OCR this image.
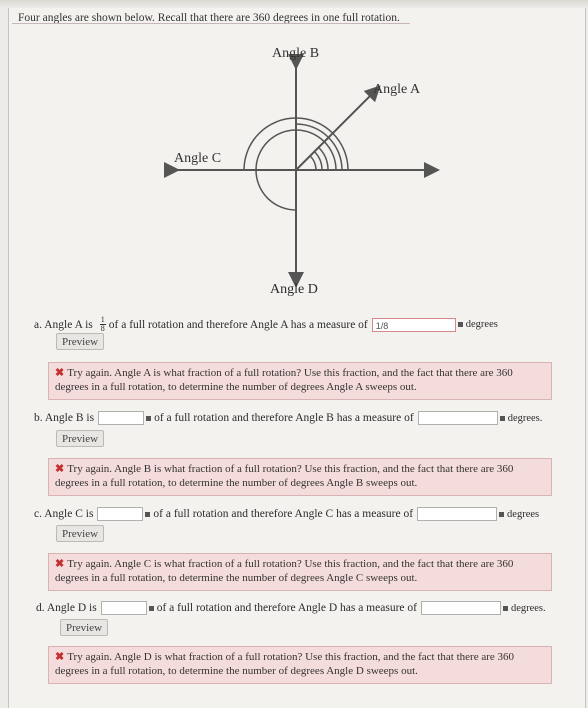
Four angles are shown below. Recall that there are 360 degrees in one full rotation.
Angle B
Angle A
Angle C
Angle D
a. Angle A is $\frac{1}{8}$ of a full rotation and therefore Angle A has a measure of 1/8	degrees
Preview
✖ Try again. Angle A is what fraction of a full rotation? Use this fraction, and the fact that there are 360 degrees in a full rotation, to determine the number of degrees Angle A sweeps out.
b. Angle B is	of a full rotation and therefore Angle B has a measure of	degrees.
Preview
✖ Try again. Angle B is what fraction of a full rotation? Use this fraction, and the fact that there are 360 degrees in a full rotation, to determine the number of degrees Angle B sweeps out.
c. Angle C is	of a full rotation and therefore Angle C has a measure of	degrees
Preview
✖ Try again. Angle C is what fraction of a full rotation? Use this fraction, and the fact that there are 360 degrees in a full rotation, to determine the number of degrees Angle C sweeps out.
d. Angle D is	of a full rotation and therefore Angle D has a measure of	degrees.
Preview
✖ Try again. Angle D is what fraction of a full rotation? Use this fraction, and the fact that there are 360 degrees in a full rotation, to determine the number of degrees Angle D sweeps out.
